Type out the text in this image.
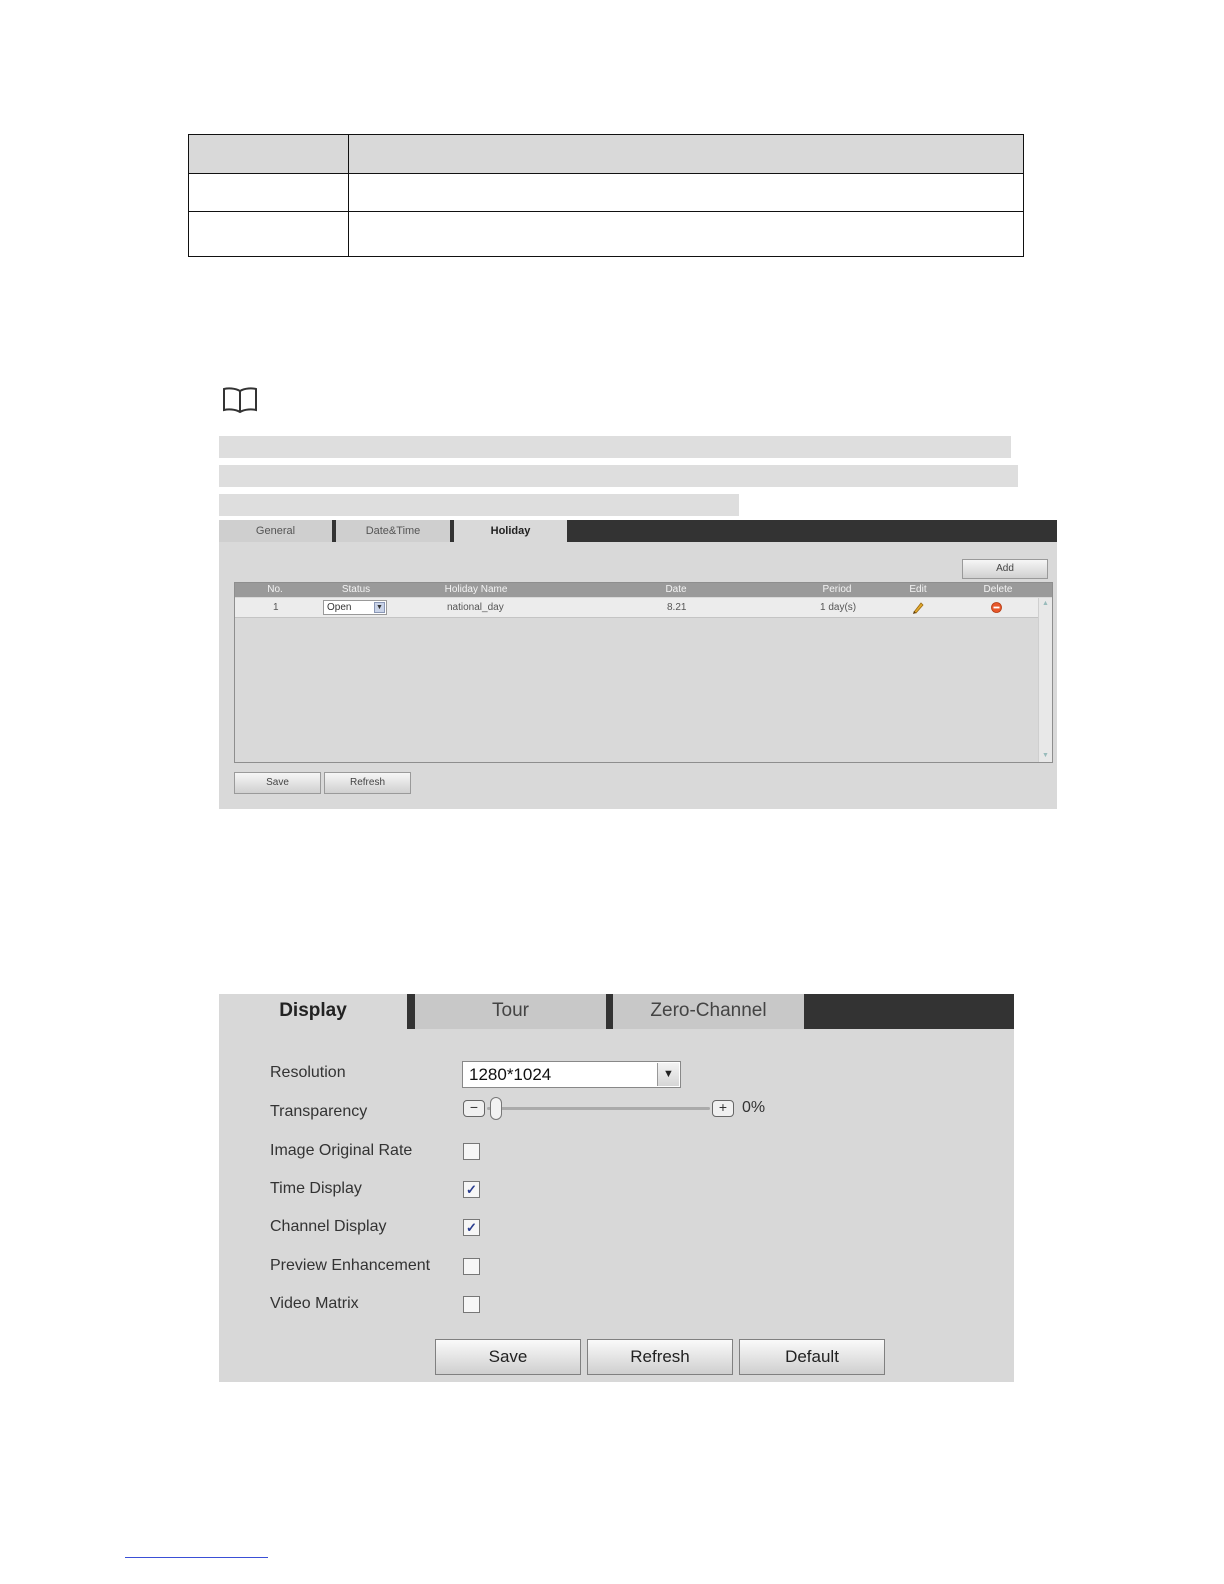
General	Date&Time	Holiday
Add
No.	Status	Holiday Name	Date	Period	Edit	Delete
1	Open	▼	national_day	8.21	1 day(s)	▲
▼
Save	Refresh
Display	Tour	Zero-Channel
Resolution	1280*1024	▼
Transparency	−	+ 0%
Image Original Rate
Time Display	✓
Channel Display	✓
Preview Enhancement
Video Matrix
Save	Refresh	Default
